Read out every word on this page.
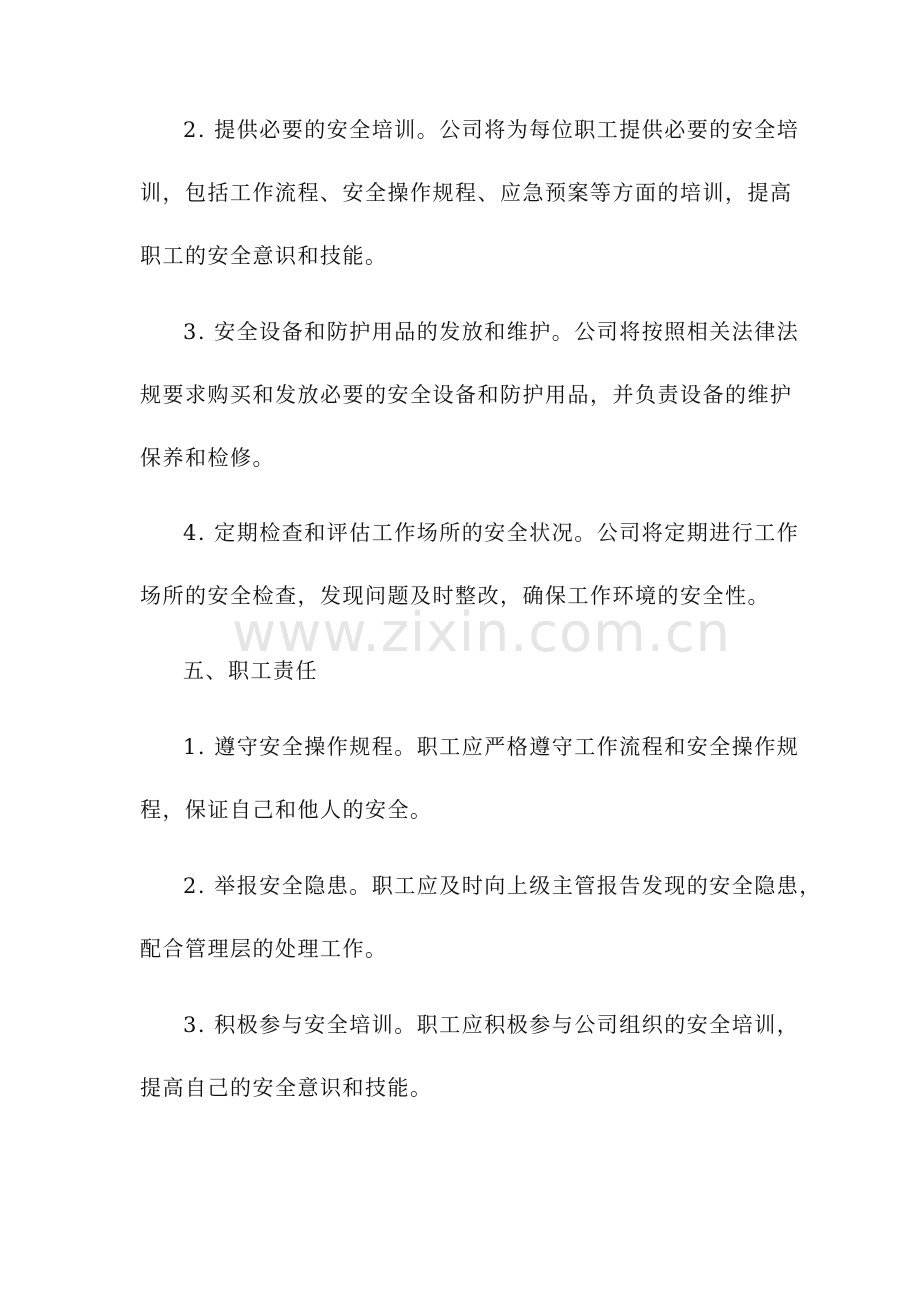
2. 提供必要的安全培训。公司将为每位职工提供必要的安全培
训，包括工作流程、安全操作规程、应急预案等方面的培训，提高
职工的安全意识和技能。
3. 安全设备和防护用品的发放和维护。公司将按照相关法律法
规要求购买和发放必要的安全设备和防护用品，并负责设备的维护
保养和检修。
4. 定期检查和评估工作场所的安全状况。公司将定期进行工作
场所的安全检查，发现问题及时整改，确保工作环境的安全性。
www.zixin.com.cn
五、职工责任
1. 遵守安全操作规程。职工应严格遵守工作流程和安全操作规
程，保证自己和他人的安全。
2. 举报安全隐患。职工应及时向上级主管报告发现的安全隐患，
配合管理层的处理工作。
3. 积极参与安全培训。职工应积极参与公司组织的安全培训，
提高自己的安全意识和技能。
